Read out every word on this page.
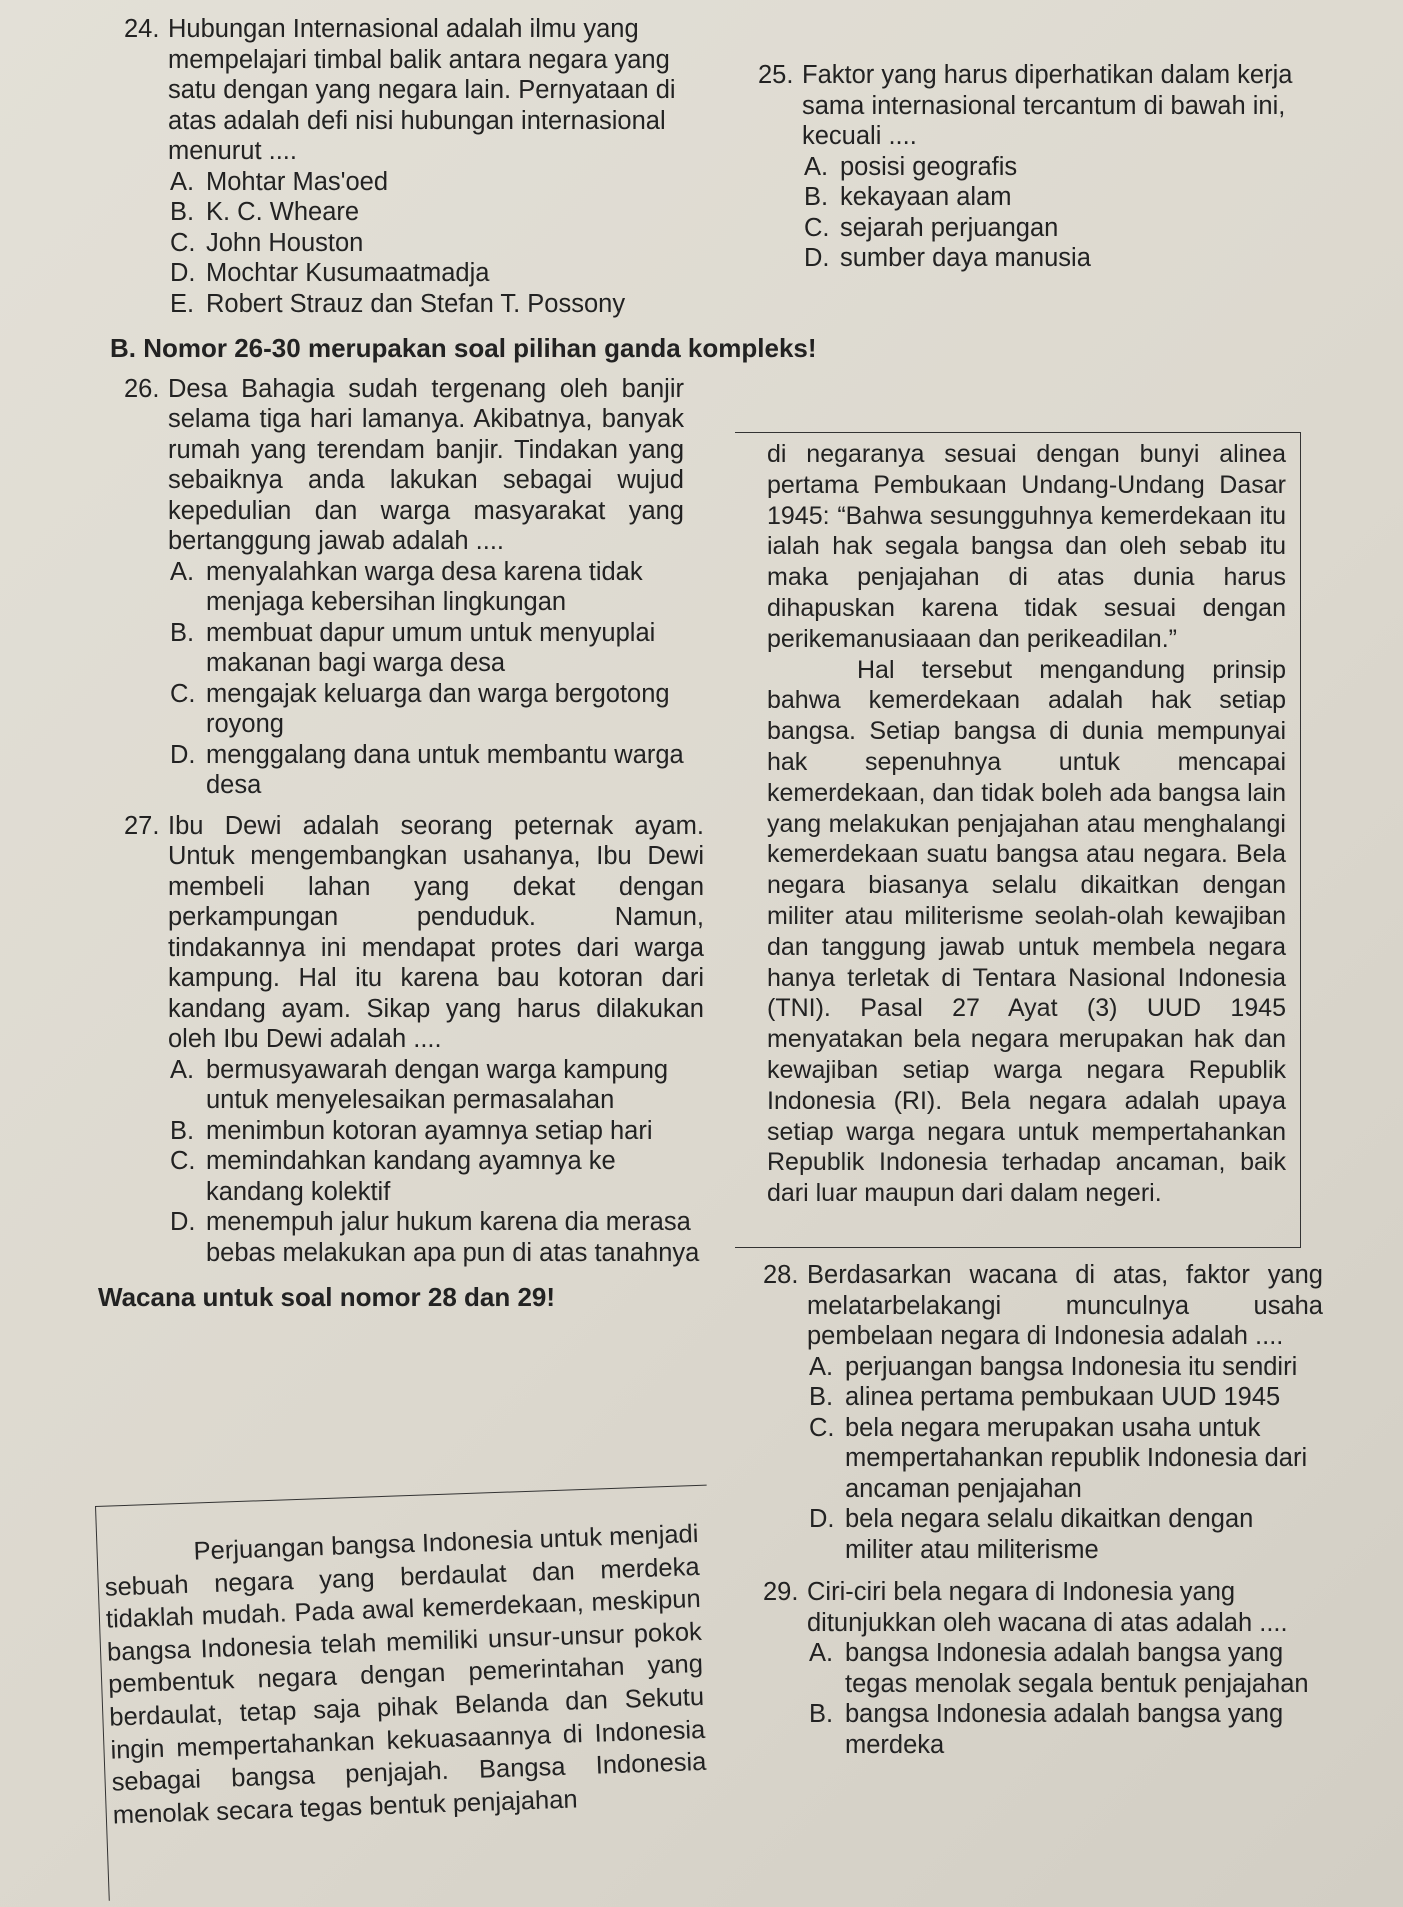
24. Hubungan Internasional adalah ilmu yang mempelajari timbal balik antara negara yang satu dengan yang negara lain. Pernyataan di atas adalah defi nisi hubungan internasional menurut ....
A. Mohtar Mas'oed
B. K. C. Wheare
C. John Houston
D. Mochtar Kusumaatmadja
E. Robert Strauz dan Stefan T. Possony
B. Nomor 26-30 merupakan soal pilihan ganda kompleks!
26. Desa Bahagia sudah tergenang oleh banjir selama tiga hari lamanya. Akibatnya, banyak rumah yang terendam banjir. Tindakan yang sebaiknya anda lakukan sebagai wujud kepedulian dan warga masyarakat yang bertanggung jawab adalah ....
A. menyalahkan warga desa karena tidak menjaga kebersihan lingkungan
B. membuat dapur umum untuk menyuplai makanan bagi warga desa
C. mengajak keluarga dan warga bergotong royong
D. menggalang dana untuk membantu warga desa
27. Ibu Dewi adalah seorang peternak ayam. Untuk mengembangkan usahanya, Ibu Dewi membeli lahan yang dekat dengan perkampungan penduduk. Namun, tindakannya ini mendapat protes dari warga kampung. Hal itu karena bau kotoran dari kandang ayam. Sikap yang harus dilakukan oleh Ibu Dewi adalah ....
A. bermusyawarah dengan warga kampung untuk menyelesaikan permasalahan
B. menimbun kotoran ayamnya setiap hari
C. memindahkan kandang ayamnya ke kandang kolektif
D. menempuh jalur hukum karena dia merasa bebas melakukan apa pun di atas tanahnya
Wacana untuk soal nomor 28 dan 29!
25. Faktor yang harus diperhatikan dalam kerja sama internasional tercantum di bawah ini, kecuali ....
A. posisi geografis
B. kekayaan alam
C. sejarah perjuangan
D. sumber daya manusia

di negaranya sesuai dengan bunyi alinea pertama Pembukaan Undang-Undang Dasar 1945: “Bahwa sesungguhnya kemerdekaan itu ialah hak segala bangsa dan oleh sebab itu maka penjajahan di atas dunia harus dihapuskan karena tidak sesuai dengan perikemanusiaaan dan perikeadilan.”

Hal tersebut mengandung prinsip bahwa kemerdekaan adalah hak setiap bangsa. Setiap bangsa di dunia mempunyai hak sepenuhnya untuk mencapai kemerdekaan, dan tidak boleh ada bangsa lain yang melakukan penjajahan atau menghalangi kemerdekaan suatu bangsa atau negara. Bela negara biasanya selalu dikaitkan dengan militer atau militerisme seolah-olah kewajiban dan tanggung jawab untuk membela negara hanya terletak di Tentara Nasional Indonesia (TNI). Pasal 27 Ayat (3) UUD 1945 menyatakan bela negara merupakan hak dan kewajiban setiap warga negara Republik Indonesia (RI). Bela negara adalah upaya setiap warga negara untuk mempertahankan Republik Indonesia terhadap ancaman, baik dari luar maupun dari dalam negeri.

Perjuangan bangsa Indonesia untuk menjadi sebuah negara yang berdaulat dan merdeka tidaklah mudah. Pada awal kemerdekaan, meskipun bangsa Indonesia telah memiliki unsur-unsur pokok pembentuk negara dengan pemerintahan yang berdaulat, tetap saja pihak Belanda dan Sekutu ingin mempertahankan kekuasaannya di Indonesia sebagai bangsa penjajah. Bangsa Indonesia menolak secara tegas bentuk penjajahan

28. Berdasarkan wacana di atas, faktor yang melatarbelakangi munculnya usaha pembelaan negara di Indonesia adalah ....
A. perjuangan bangsa Indonesia itu sendiri
B. alinea pertama pembukaan UUD 1945
C. bela negara merupakan usaha untuk mempertahankan republik Indonesia dari ancaman penjajahan
D. bela negara selalu dikaitkan dengan militer atau militerisme
29. Ciri-ciri bela negara di Indonesia yang ditunjukkan oleh wacana di atas adalah ....
A. bangsa Indonesia adalah bangsa yang tegas menolak segala bentuk penjajahan
B. bangsa Indonesia adalah bangsa yang merdeka
